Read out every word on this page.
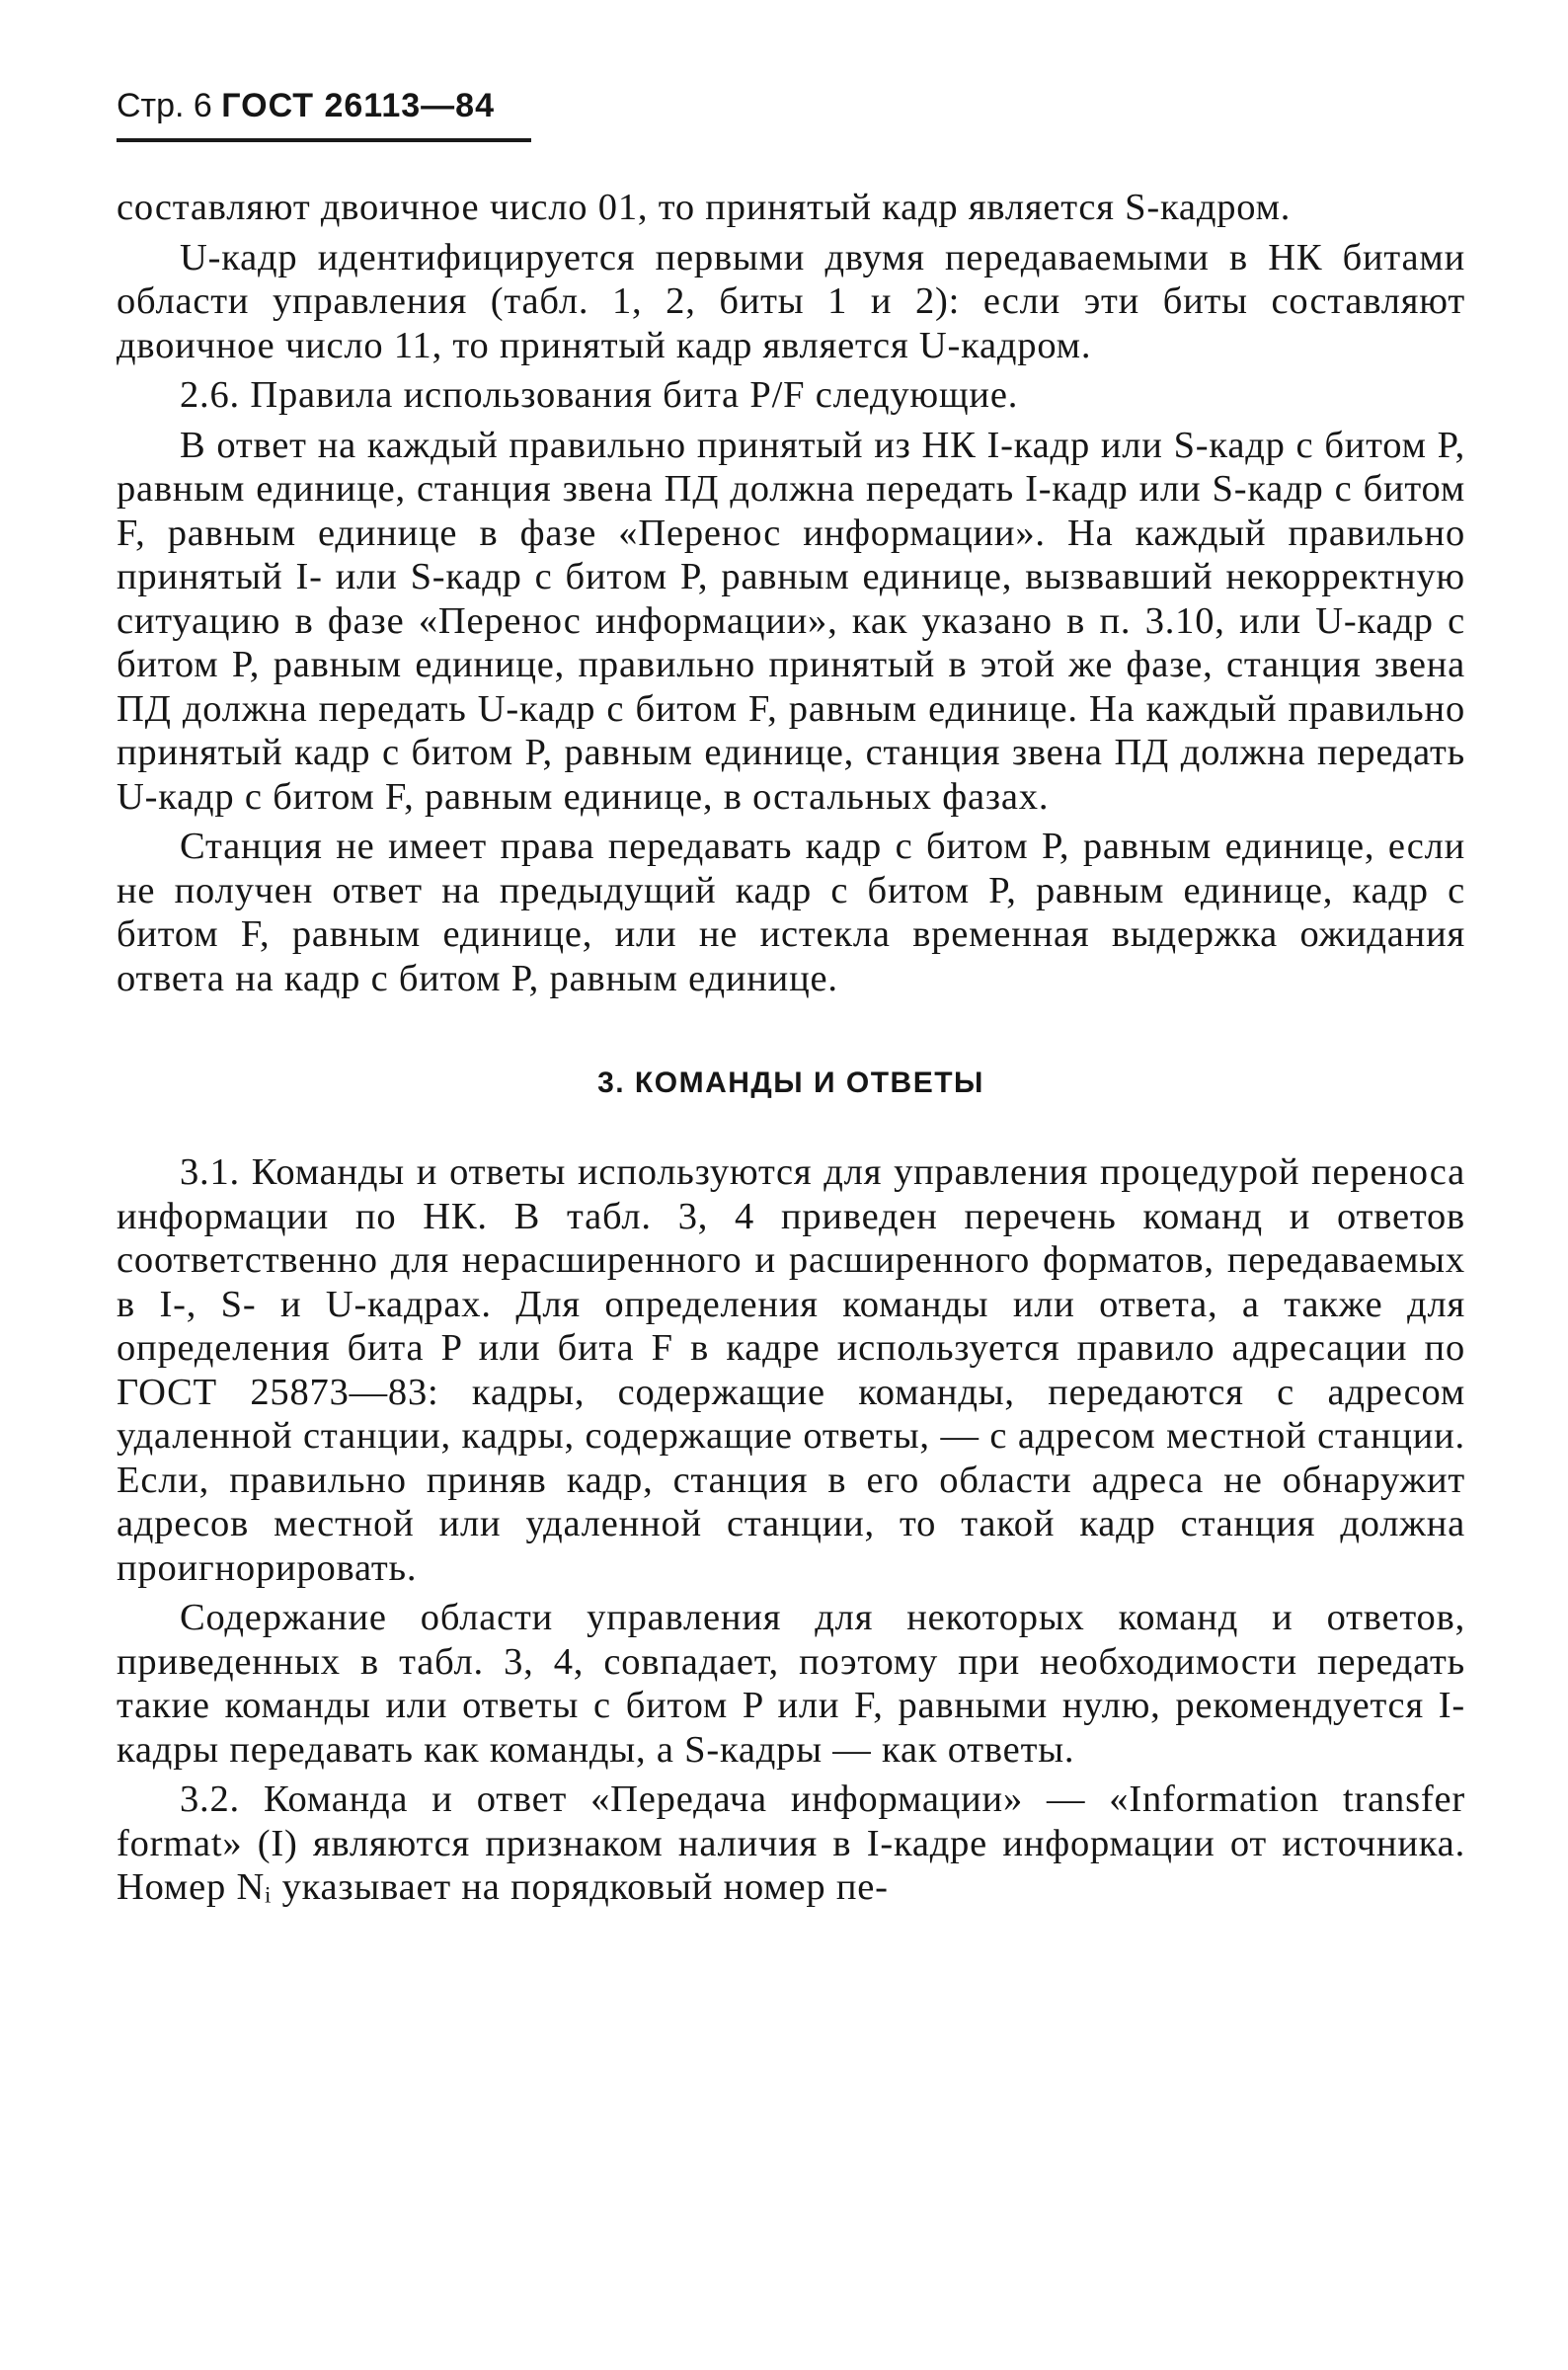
Стр. 6 ГОСТ 26113—84

составляют двоичное число 01, то принятый кадр является S-кадром.

U-кадр идентифицируется первыми двумя передаваемыми в НК битами области управления (табл. 1, 2, биты 1 и 2): если эти биты составляют двоичное число 11, то принятый кадр является U-кадром.

2.6. Правила использования бита P/F следующие.

В ответ на каждый правильно принятый из НК I-кадр или S-кадр с битом P, равным единице, станция звена ПД должна передать I-кадр или S-кадр с битом F, равным единице в фазе «Перенос информации». На каждый правильно принятый I- или S-кадр с битом P, равным единице, вызвавший некорректную ситуацию в фазе «Перенос информации», как указано в п. 3.10, или U-кадр с битом P, равным единице, правильно принятый в этой же фазе, станция звена ПД должна передать U-кадр с битом F, равным единице. На каждый правильно принятый кадр с битом P, равным единице, станция звена ПД должна передать U-кадр с битом F, равным единице, в остальных фазах.

Станция не имеет права передавать кадр с битом P, равным единице, если не получен ответ на предыдущий кадр с битом P, равным единице, кадр с битом F, равным единице, или не истекла временная выдержка ожидания ответа на кадр с битом P, равным единице.

3. КОМАНДЫ И ОТВЕТЫ

3.1. Команды и ответы используются для управления процедурой переноса информации по НК. В табл. 3, 4 приведен перечень команд и ответов соответственно для нерасширенного и расширенного форматов, передаваемых в I-, S- и U-кадрах. Для определения команды или ответа, а также для определения бита P или бита F в кадре используется правило адресации по ГОСТ 25873—83: кадры, содержащие команды, передаются с адресом удаленной станции, кадры, содержащие ответы, — с адресом местной станции. Если, правильно приняв кадр, станция в его области адреса не обнаружит адресов местной или удаленной станции, то такой кадр станция должна проигнорировать.

Содержание области управления для некоторых команд и ответов, приведенных в табл. 3, 4, совпадает, поэтому при необходимости передать такие команды или ответы с битом P или F, равными нулю, рекомендуется I-кадры передавать как команды, а S-кадры — как ответы.

3.2. Команда и ответ «Передача информации» — «Information transfer format» (I) являются признаком наличия в I-кадре информации от источника. Номер Nᵢ указывает на порядковый номер пе-
